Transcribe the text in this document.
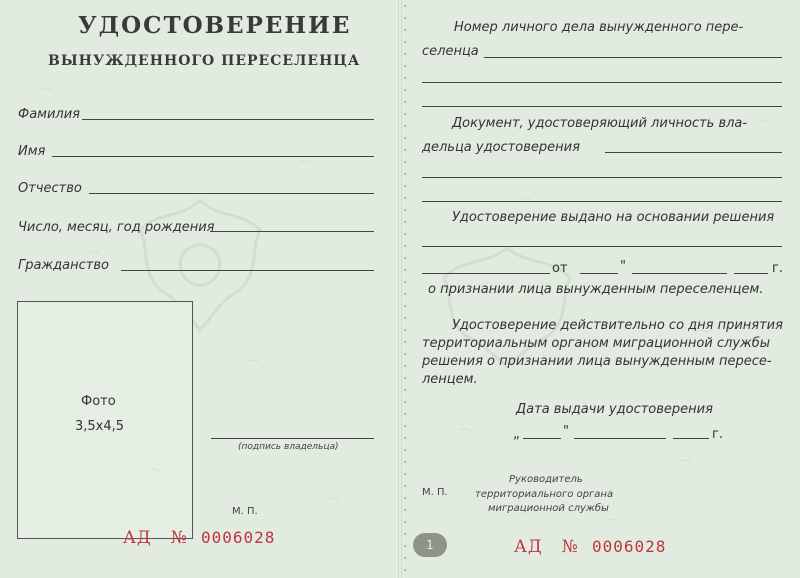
УДОСТОВЕРЕНИЕ
ВЫНУЖДЕННОГО ПЕРЕСЕЛЕНЦА
Фамилия
Имя
Отчество
Число, месяц, год рождения
Гражданство
Фото
3,5x4,5
(подпись владельца)
М. П.
АД № 0006028
Номер личного дела вынужденного пере-
селенца
Документ, удостоверяющий личность вла-
дельца удостоверения
Удостоверение выдано на основании решения
от	"	г.
о признании лица вынужденным переселенцем.
Удостоверение действительно со дня принятия
территориальным органом миграционной службы
решения о признании лица вынужденным пересе-
ленцем.
Дата выдачи удостоверения
„	"	г.
М. П.
Руководитель
территориального органа
миграционной службы
АД № 0006028
1
